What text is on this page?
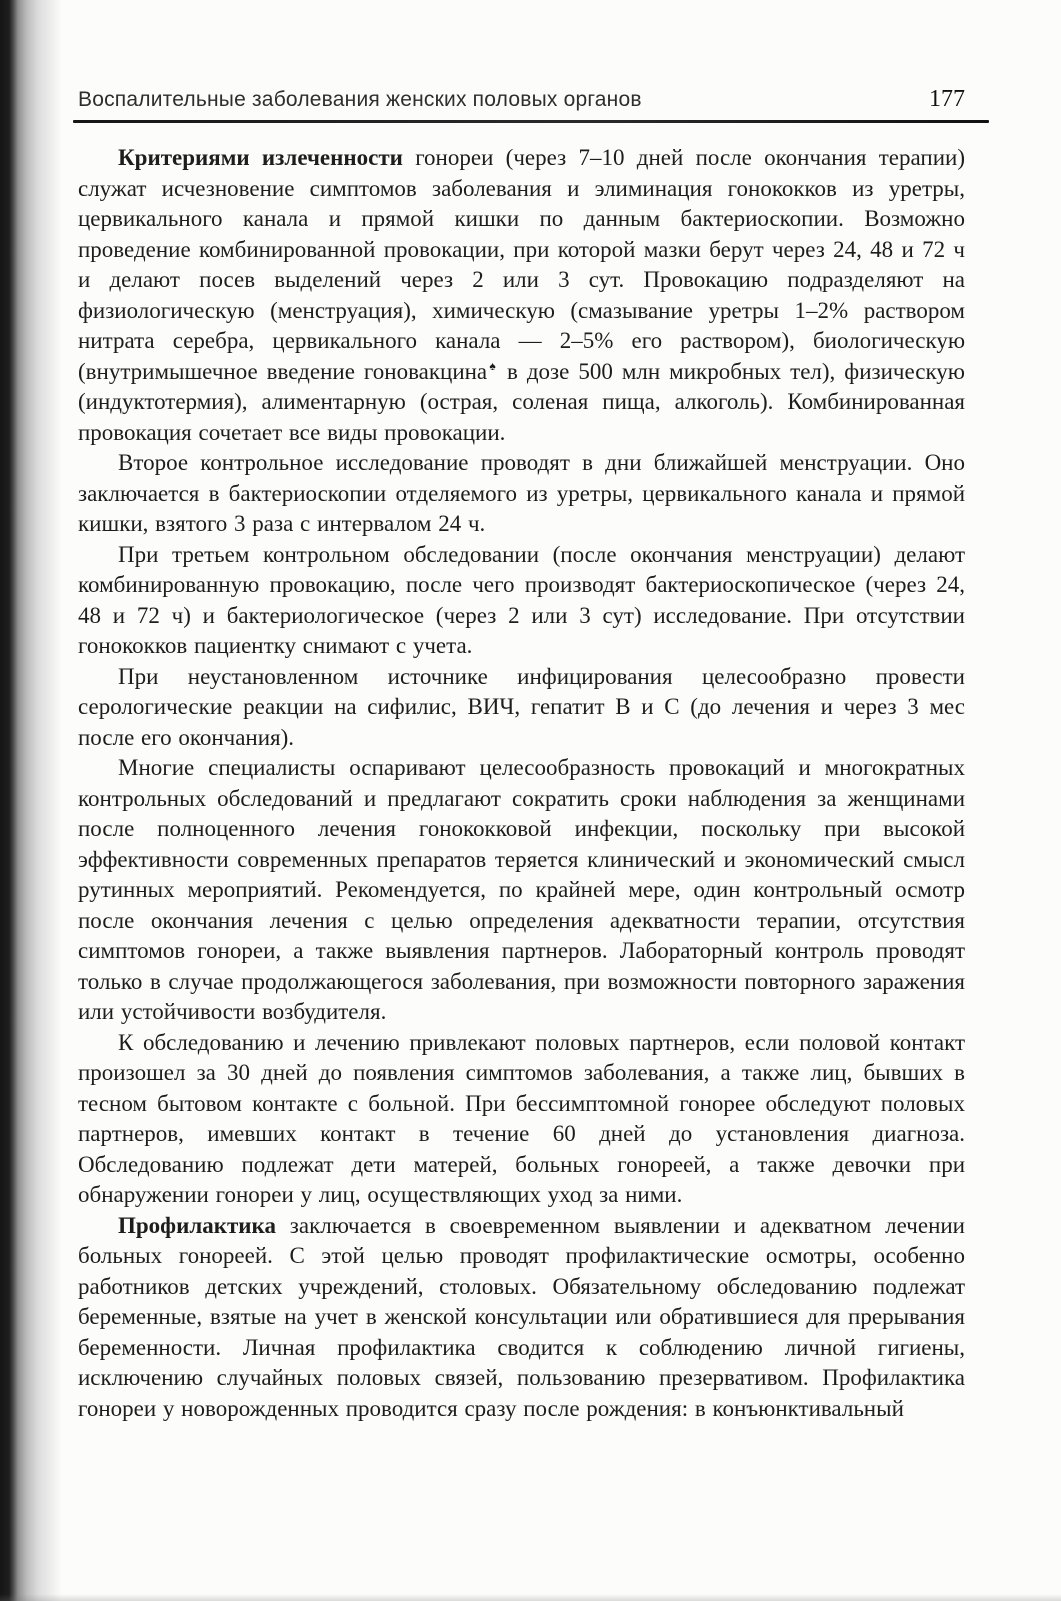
Воспалительные заболевания женских половых органов	177

Критериями излеченности гонореи (через 7–10 дней после окончания терапии) служат исчезновение симптомов заболевания и элиминация гонококков из уретры, цервикального канала и прямой кишки по данным бактериоскопии. Возможно проведение комбинированной провокации, при которой мазки берут через 24, 48 и 72 ч и делают посев выделений через 2 или 3 сут. Провокацию подразделяют на физиологическую (менструация), химическую (смазывание уретры 1–2% раствором нитрата серебра, цервикального канала — 2–5% его раствором), биологическую (внутримышечное введение гоновакцина♠ в дозе 500 млн микробных тел), физическую (индуктотермия), алиментарную (острая, соленая пища, алкоголь). Комбинированная провокация сочетает все виды провокации.

Второе контрольное исследование проводят в дни ближайшей менструации. Оно заключается в бактериоскопии отделяемого из уретры, цервикального канала и прямой кишки, взятого 3 раза с интервалом 24 ч.

При третьем контрольном обследовании (после окончания менструации) делают комбинированную провокацию, после чего производят бактериоскопическое (через 24, 48 и 72 ч) и бактериологическое (через 2 или 3 сут) исследование. При отсутствии гонококков пациентку снимают с учета.

При неустановленном источнике инфицирования целесообразно провести серологические реакции на сифилис, ВИЧ, гепатит В и С (до лечения и через 3 мес после его окончания).

Многие специалисты оспаривают целесообразность провокаций и многократных контрольных обследований и предлагают сократить сроки наблюдения за женщинами после полноценного лечения гонококковой инфекции, поскольку при высокой эффективности современных препаратов теряется клинический и экономический смысл рутинных мероприятий. Рекомендуется, по крайней мере, один контрольный осмотр после окончания лечения с целью определения адекватности терапии, отсутствия симптомов гонореи, а также выявления партнеров. Лабораторный контроль проводят только в случае продолжающегося заболевания, при возможности повторного заражения или устойчивости возбудителя.

К обследованию и лечению привлекают половых партнеров, если половой контакт произошел за 30 дней до появления симптомов заболевания, а также лиц, бывших в тесном бытовом контакте с больной. При бессимптомной гонорее обследуют половых партнеров, имевших контакт в течение 60 дней до установления диагноза. Обследованию подлежат дети матерей, больных гонореей, а также девочки при обнаружении гонореи у лиц, осуществляющих уход за ними.

Профилактика заключается в своевременном выявлении и адекватном лечении больных гонореей. С этой целью проводят профилактические осмотры, особенно работников детских учреждений, столовых. Обязательному обследованию подлежат беременные, взятые на учет в женской консультации или обратившиеся для прерывания беременности. Личная профилактика сводится к соблюдению личной гигиены, исключению случайных половых связей, пользованию презервативом. Профилактика гонореи у новорожденных проводится сразу после рождения: в конъюнктивальный
